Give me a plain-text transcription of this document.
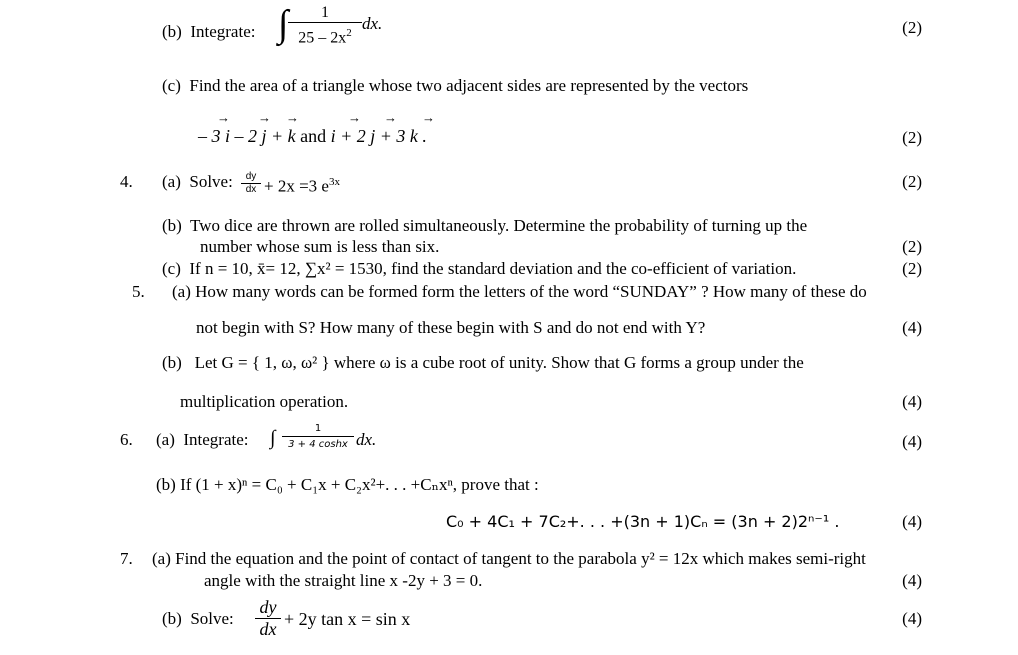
(b) Integrate: ∫ $\frac{1}{25 - 2x^2}$ dx.	(2)
(c) Find the area of a triangle whose two adjacent sides are represented by the vectors
→ → →	→ → →
– 3 i – 2 j + k and i + 2 j + 3 k .	(2)
4. (a) Solve: $\frac{dy}{dx} + 2x =3$ $e^{3x}$	(2)
(b) Two dice are thrown are rolled simultaneously. Determine the probability of turning up the
number whose sum is less than six.	(2)
(c) If n = 10, x̄= 12, ∑x² = 1530, find the standard deviation and the co-efficient of variation.	(2)
5. (a) How many words can be formed form the letters of the word “SUNDAY” ? How many of these do
not begin with S? How many of these begin with S and do not end with Y?	(4)
(b) Let G = { 1, ω, ω² } where ω is a cube root of unity. Show that G forms a group under the
multiplication operation.	(4)
6. (a) Integrate: ∫ $\frac{1}{3 + 4 \cosh x}$ dx.	(4)
(b) If (1 + x)ⁿ = C₀ + C₁x + C₂x²+. . . +Cₙxⁿ, prove that :
C₀ + 4C₁ + 7C₂+. . . +(3n + 1)Cₙ = (3n + 2)2ⁿ⁻¹ .	(4)
7. (a) Find the equation and the point of contact of tangent to the parabola y² = 12x which makes semi-right
angle with the straight line x -2y + 3 = 0.	(4)
(b) Solve: $\frac{dy}{dx} + 2y$ tan x = sin x	(4)
